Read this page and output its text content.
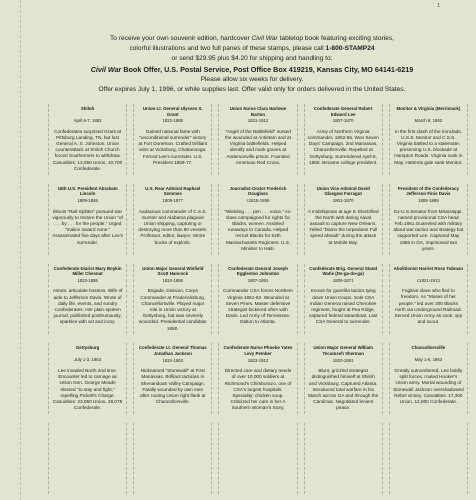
1
To receive your own souvenir edition, hardcover Civil War tabletop book featuring exciting stories,
colorful illustrations and two full panes of these stamps, please call 1-800-STAMP24
or send $29.95 plus $4.20 for shipping and handling to:
Civil War Book Offer, U.S. Postal Service, Post Office Box 419219, Kansas City, MO 64141-6219
Please allow six weeks for delivery.
Offer expires July 1, 1996, or while supplies last. Offer valid only for orders delivered in the United States.
Shiloh
April 6-7, 1862
Confederates surprised Grant at Pittsburg Landing, TN, but lost General A. S. Johnston. Union counterattack at Shiloh Church forced Southerners to withdraw. Casualties: 13,050 Union, 10,700 Confederate.
Union Lt. General Ulysses S. Grant
1822-1885
Gained national fame with "unconditional surrender" victory at Fort Donelson. Crafted brilliant wins at Vicksburg, Chattanooga. Forced Lee's surrender. U.S. President 1869-77.
Union Nurse Clara Harlowe Barton
1821-1912
"Angel of the Battlefield" nursed the wounded at Antietam and at Virginia battlefields. Helped identify and mark graves at Andersonville prison. Founded American Red Cross.
Confederate General Robert Edward Lee
1807-1870
Army of Northern Virginia commander, 1862-65. Won Seven Days' Campaign, 2nd Manassas, Chancellorsville. Repelled at Gettysburg. Surrendered April 9, 1865. Became college president.
Monitor & Virginia (Merrimack)
March 9, 1862
In the first clash of the ironclads, U.S.S. Monitor and C.S.S. Virginia battled to a stalemate, preserving U.S. blockade at Hampton Roads. Virginia sunk in May, Hatteras gale sank Monitor.
16th U.S. President Abraham Lincoln
1809-1865
Illinois "Rail-Splitter" pursued war vigorously to restore the Union "of . . . by . . . for the people." Urged "malice toward none." Assassinated five days after Lee's surrender.
U.S. Rear Admiral Raphael Semmes
1809-1877
Audacious commander of C.S.S. Sumter and Alabama plagued Union shipping, capturing or destroying more than 80 vessels. Professor, editor, lawyer. Wrote books of exploits.
Journalist-Orator Frederick Douglass
c1818-1895
"Wielding . . . pen . . . voice," ex-slave campaigned for rights for Blacks, women. Assisted runaways to Canada. Helped recruit Blacks for 54th Massachusetts Regiment. U.S. Minister to Haiti.
Union Vice Admiral David Glasgow Farragut
1801-1870
A midshipman at age 9. Electrified the North with daring naval assault to capture New Orleans. Yelled "Damn the torpedoes! Full speed ahead!" during the attack at Mobile Bay.
President of the Confederacy Jefferson Finis Davis
1808-1889
Ex-U.S.Senator from Mississippi, named provisional CSA head Feb.1861.Guarreled with military about war tactics and strategy but supported Lee. Captured May 1865 in GA, imprisoned two years.
Confederate Diarist Mary Boykin Miller Chesnut
1823-1886
Astute, articulate hostess. Wife of aide to Jefferson Davis. Wrote of daily life, events, and sundry Confederates. Her plain-spoken journal, published posthumously, sparkles with wit and irony.
Union Major General Winfield Scott Hancock
1824-1886
Brigade, Division, Corps Commander at Fredericksburg, Chancellorsville. Played major role in Union victory at Gettysburg, but was severely wounded. Presidential candidate 1880.
Confederate General Joseph Eggleston Johnston
1807-1891
Commander CSA forces Northern Virginia 1861-62. Wounded at Seven Pines. Master defensive strategist bickered often with Davis. Led Army of Tennessee. Dalton to Atlanta.
Confederate Brig. General Stand Watie (De-ga-do-ga)
1806-1871
Known for guerrilla tactics tying down Union troops. Sole CSA Indian General raised Cherokee regiment, fought at Pea Ridge, captured federal steamboat. Last CSA General to surrender.
Abolitionist Harriet Ross Tubman
c1821-1913
Fugitive slave who fled to freedom. As "Moses of her people," led over 200 Blacks north via Underground Railroad. Served Union Army as cook, spy and scout.
Gettysburg
July 1-3, 1863
Lee invaded North 2nd time. Encounter led to carnage as Union Gen. George Meade elected "to stay and fight," repelling Pickett's Charge. Casualties: 23,050 Union, 28,075 Confederate.
Confederate Lt. General Thomas Jonathan Jackson
1824-1863
Nicknamed "Stonewall" at First Manassas. Brilliant tactician in Shenandoah Valley Campaign. Fatally wounded by own men after routing Union right flank at Chancellorsville.
Confederate Nurse Phoebe Yates Levy Pember
1823-1913
Directed care and dietary needs of over 10,000 soldiers at Richmond's Chimborazo, one of CSA's largest hospitals. Speciality: chicken soup. Criticized her care in her A Southern Woman's Story.
Union Major General William Tecumseh Sherman
1820-1891
Blunt, grizzled strategist distinguished himself at Shiloh and Vicksburg. Captured Atlanta. Introduced total warfare in his March across GA and through the Carolinas. Negotiated lenient peace.
Chancellorsville
May 1-6, 1863
Greatly outnumbered, Lee boldly split forces, routed Hooker's Union army. Mortal wounding of Stonewall Jackson overshadowed Rebel victory. Casualties: 17,300 Union, 12,800 Confederate.
